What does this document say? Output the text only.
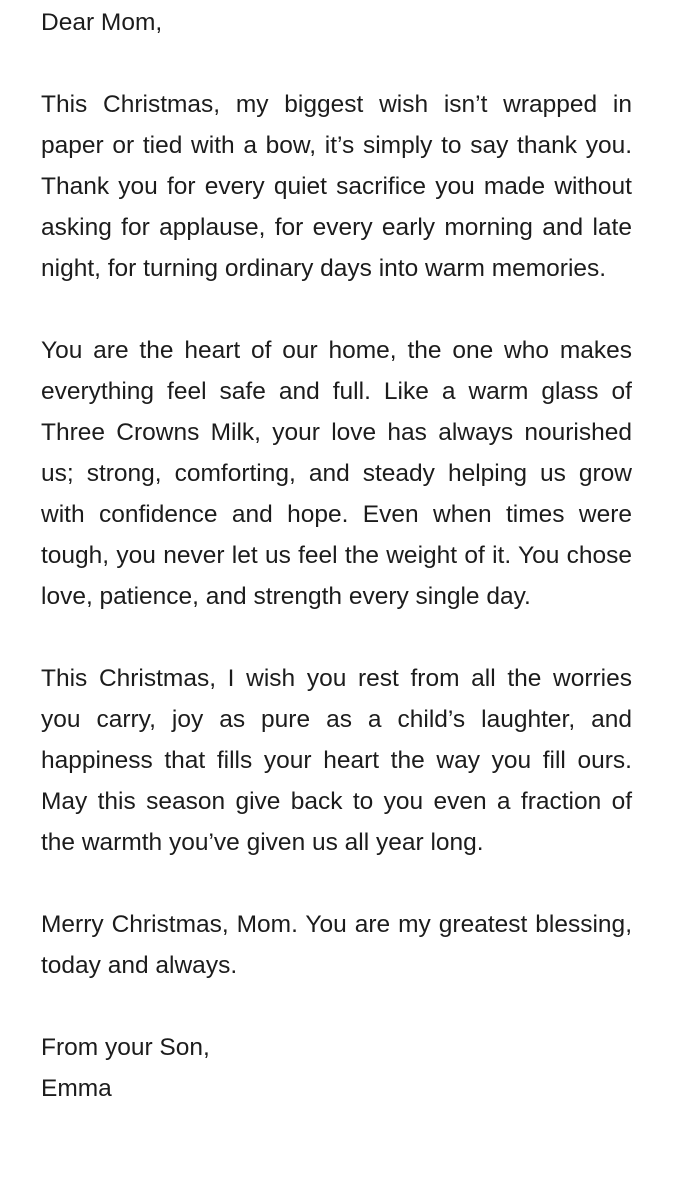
Dear Mom,

This Christmas, my biggest wish isn’t wrapped in paper or tied with a bow, it’s simply to say thank you. Thank you for every quiet sacrifice you made without asking for applause, for every early morning and late night, for turning ordinary days into warm memories.

You are the heart of our home, the one who makes everything feel safe and full. Like a warm glass of Three Crowns Milk, your love has always nourished us; strong, comforting, and steady helping us grow with confidence and hope. Even when times were tough, you never let us feel the weight of it. You chose love, patience, and strength every single day.

This Christmas, I wish you rest from all the worries you carry, joy as pure as a child’s laughter, and happiness that fills your heart the way you fill ours. May this season give back to you even a fraction of the warmth you’ve given us all year long.

Merry Christmas, Mom. You are my greatest blessing, today and always.

From your Son,

Emma
